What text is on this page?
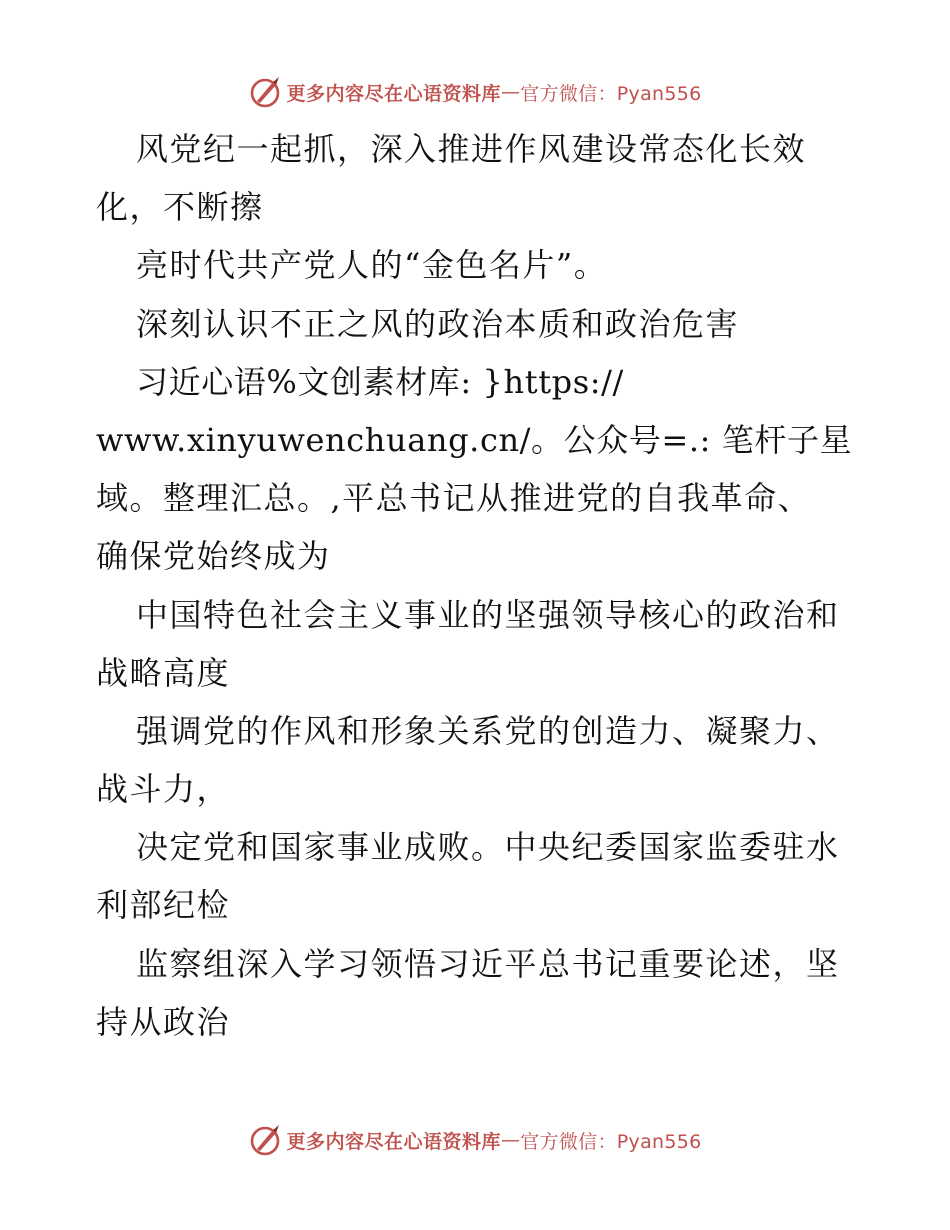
更多内容尽在心语资料库 — 官方微信：Pyan556
风党纪一起抓，深入推进作风建设常态化长效
化，不断擦
亮时代共产党人的“金色名片”。
深刻认识不正之风的政治本质和政治危害
习近心语%文创素材库: }https://
www.xinyuwenchuang.cn/。公众号=.: 笔杆子星
域。整理汇总。,平总书记从推进党的自我革命、
确保党始终成为
中国特色社会主义事业的坚强领导核心的政治和
战略高度
强调党的作风和形象关系党的创造力、凝聚力、
战斗力，
决定党和国家事业成败。中央纪委国家监委驻水
利部纪检
监察组深入学习领悟习近平总书记重要论述，坚
持从政治
更多内容尽在心语资料库 — 官方微信：Pyan556
